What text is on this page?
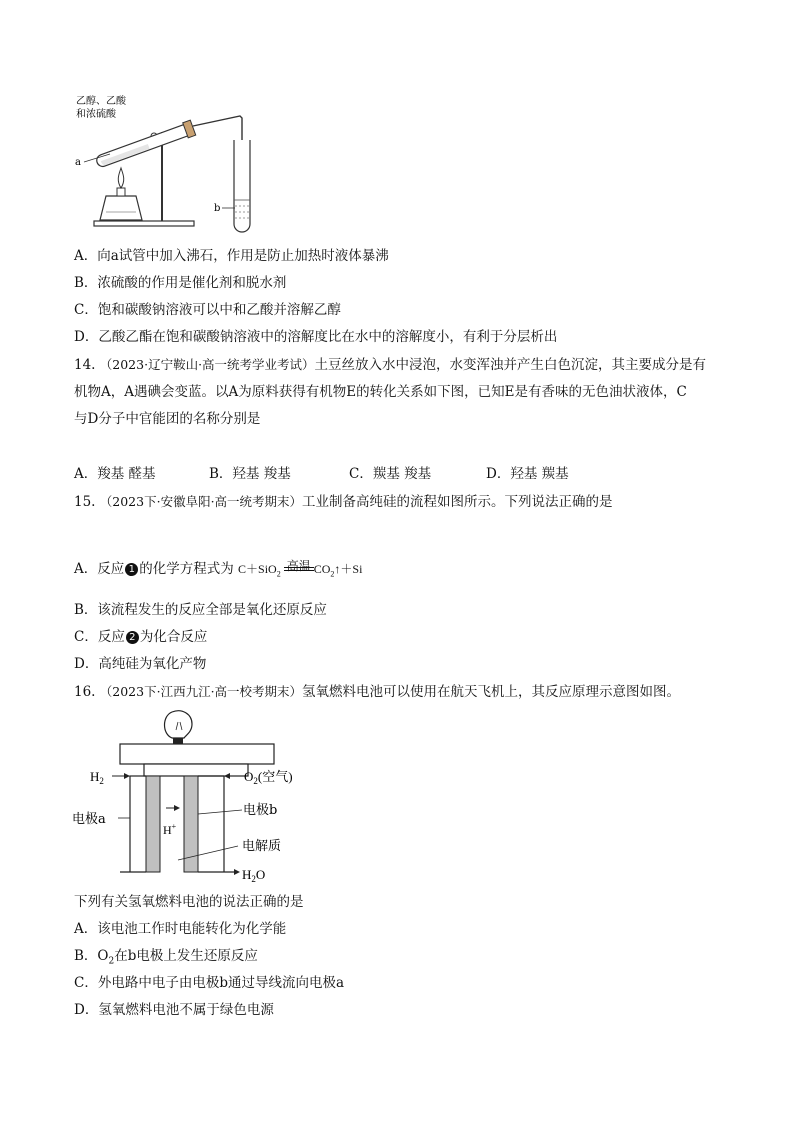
乙醇、乙酸
和浓硫酸
a
b
A．向a试管中加入沸石，作用是防止加热时液体暴沸
B．浓硫酸的作用是催化剂和脱水剂
C．饱和碳酸钠溶液可以中和乙酸并溶解乙醇
D．乙酸乙酯在饱和碳酸钠溶液中的溶解度比在水中的溶解度小，有利于分层析出
14. （2023·辽宁鞍山·高一统考学业考试）土豆丝放入水中浸泡，水变浑浊并产生白色沉淀，其主要成分是有
机物A，A遇碘会变蓝。以A为原料获得有机物E的转化关系如下图，已知E是有香味的无色油状液体，C
与D分子中官能团的名称分别是
A．羧基 醛基	B．羟基 羧基	C．羰基 羧基	D．羟基 羰基
15. （2023下·安徽阜阳·高一统考期末）工业制备高纯硅的流程如图所示。下列说法正确的是
A．反应 1 的化学方程式为 C＋SiO$_2$
高温 $CO_2↑+Si$
B．该流程发生的反应全部是氧化还原反应
C．反应 2 为化合反应
D．高纯硅为氧化产物
16. （2023下·江西九江·高一校考期末）氢氧燃料电池可以使用在航天飞机上，其反应原理示意图如图。
$H_2$	$O_2$(空气)
电极a
电极b
H+
电解质
$H_2O$
下列有关氢氧燃料电池的说法正确的是
A．该电池工作时电能转化为化学能
B．$O_2$在b电极上发生还原反应
C．外电路中电子由电极b通过导线流向电极a
D．氢氧燃料电池不属于绿色电源
